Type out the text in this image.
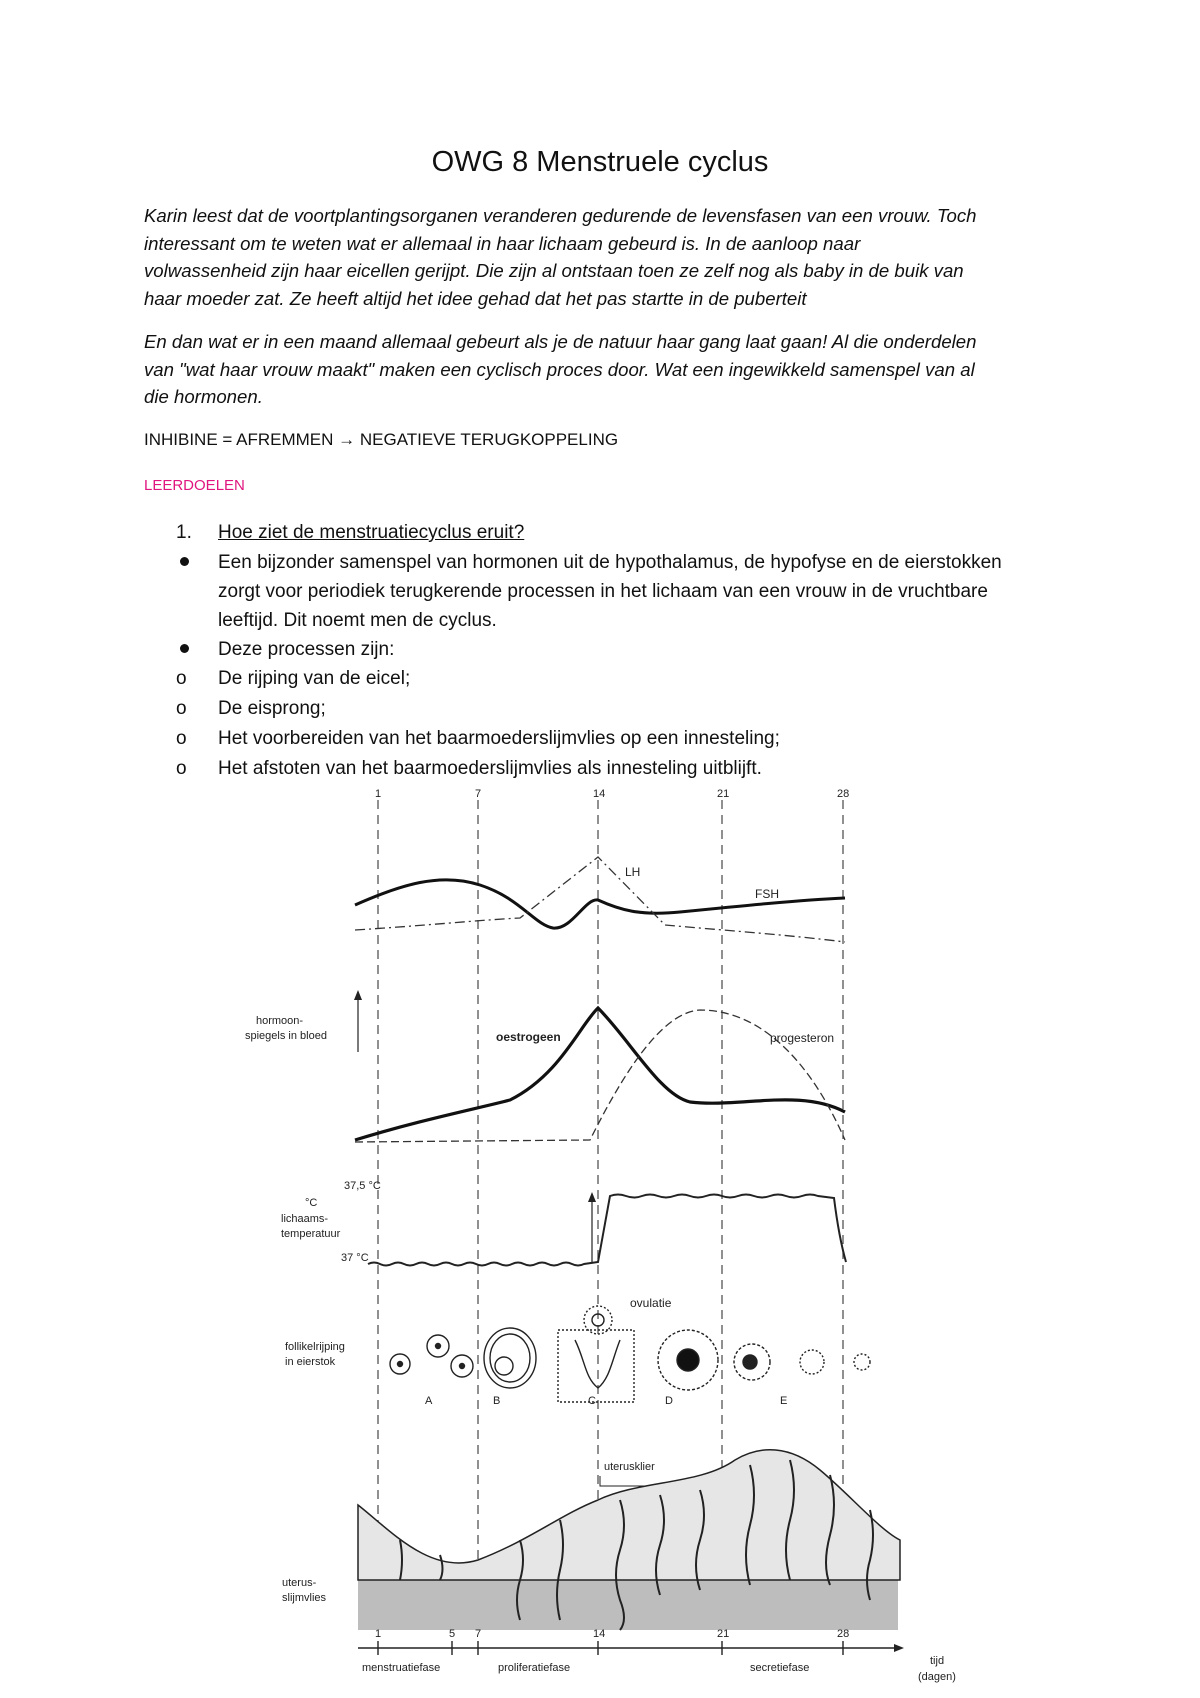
OWG 8 Menstruele cyclus
Karin leest dat de voortplantingsorganen veranderen gedurende de levensfasen van een vrouw. Toch
interessant om te weten wat er allemaal in haar lichaam gebeurd is. In de aanloop naar
volwassenheid zijn haar eicellen gerijpt. Die zijn al ontstaan toen ze zelf nog als baby in de buik van
haar moeder zat. Ze heeft altijd het idee gehad dat het pas startte in de puberteit
En dan wat er in een maand allemaal gebeurt als je de natuur haar gang laat gaan! Al die onderdelen
van "wat haar vrouw maakt" maken een cyclisch proces door. Wat een ingewikkeld samenspel van al
die hormonen.
INHIBINE = AFREMMEN → NEGATIEVE TERUGKOPPELING
LEERDOELEN
1.	Hoe ziet de menstruatiecyclus eruit?
Een bijzonder samenspel van hormonen uit de hypothalamus, de hypofyse en de eierstokken
zorgt voor periodiek terugkerende processen in het lichaam van een vrouw in de vruchtbare
leeftijd. Dit noemt men de cyclus.
Deze processen zijn:
o	De rijping van de eicel;
o	De eisprong;
o	Het voorbereiden van het baarmoederslijmvlies op een innesteling;
o	Het afstoten van het baarmoederslijmvlies als innesteling uitblijft.
1	7	14	21	28
LH
FSH
hormoon-
spiegels in bloed	oestrogeen	progesteron
37,5 °C
°C
lichaams-
temperatuur
37 °C
ovulatie
follikelrijping
in eierstok
A	B	C	D	E
uterusklier
uterus-
slijmvlies
1	5 7	14	21	28
menstruatiefase	proliferatiefase	secretiefase
tijd
(dagen)
